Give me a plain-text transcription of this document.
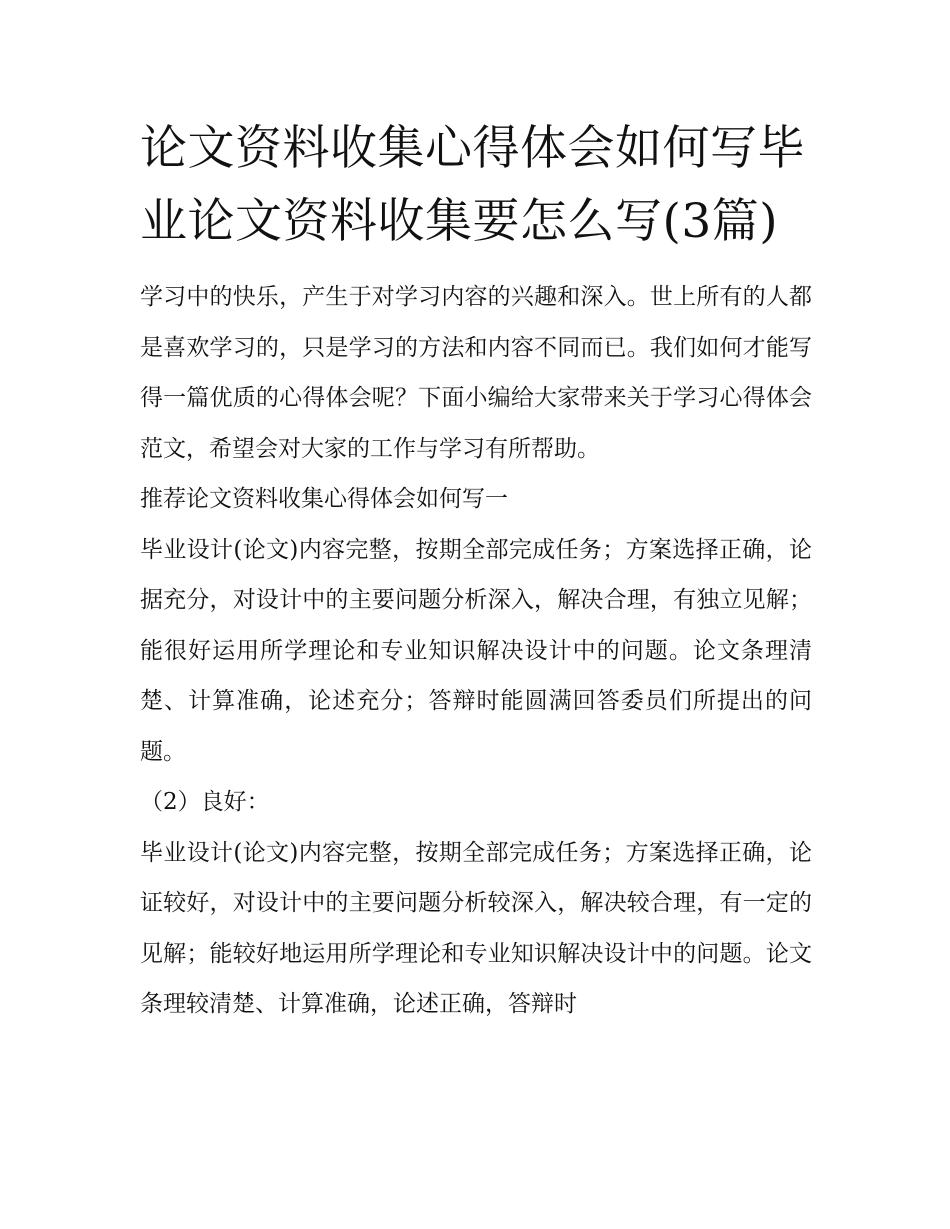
论文资料收集心得体会如何写毕业论文资料收集要怎么写(3篇)

学习中的快乐，产生于对学习内容的兴趣和深入。世上所有的人都是喜欢学习的，只是学习的方法和内容不同而已。我们如何才能写得一篇优质的心得体会呢？下面小编给大家带来关于学习心得体会范文，希望会对大家的工作与学习有所帮助。

推荐论文资料收集心得体会如何写一

毕业设计(论文)内容完整，按期全部完成任务；方案选择正确，论据充分，对设计中的主要问题分析深入，解决合理，有独立见解；能很好运用所学理论和专业知识解决设计中的问题。论文条理清楚、计算准确，论述充分；答辩时能圆满回答委员们所提出的问题。

（2）良好：

毕业设计(论文)内容完整，按期全部完成任务；方案选择正确，论证较好，对设计中的主要问题分析较深入，解决较合理，有一定的见解；能较好地运用所学理论和专业知识解决设计中的问题。论文条理较清楚、计算准确，论述正确，答辩时
